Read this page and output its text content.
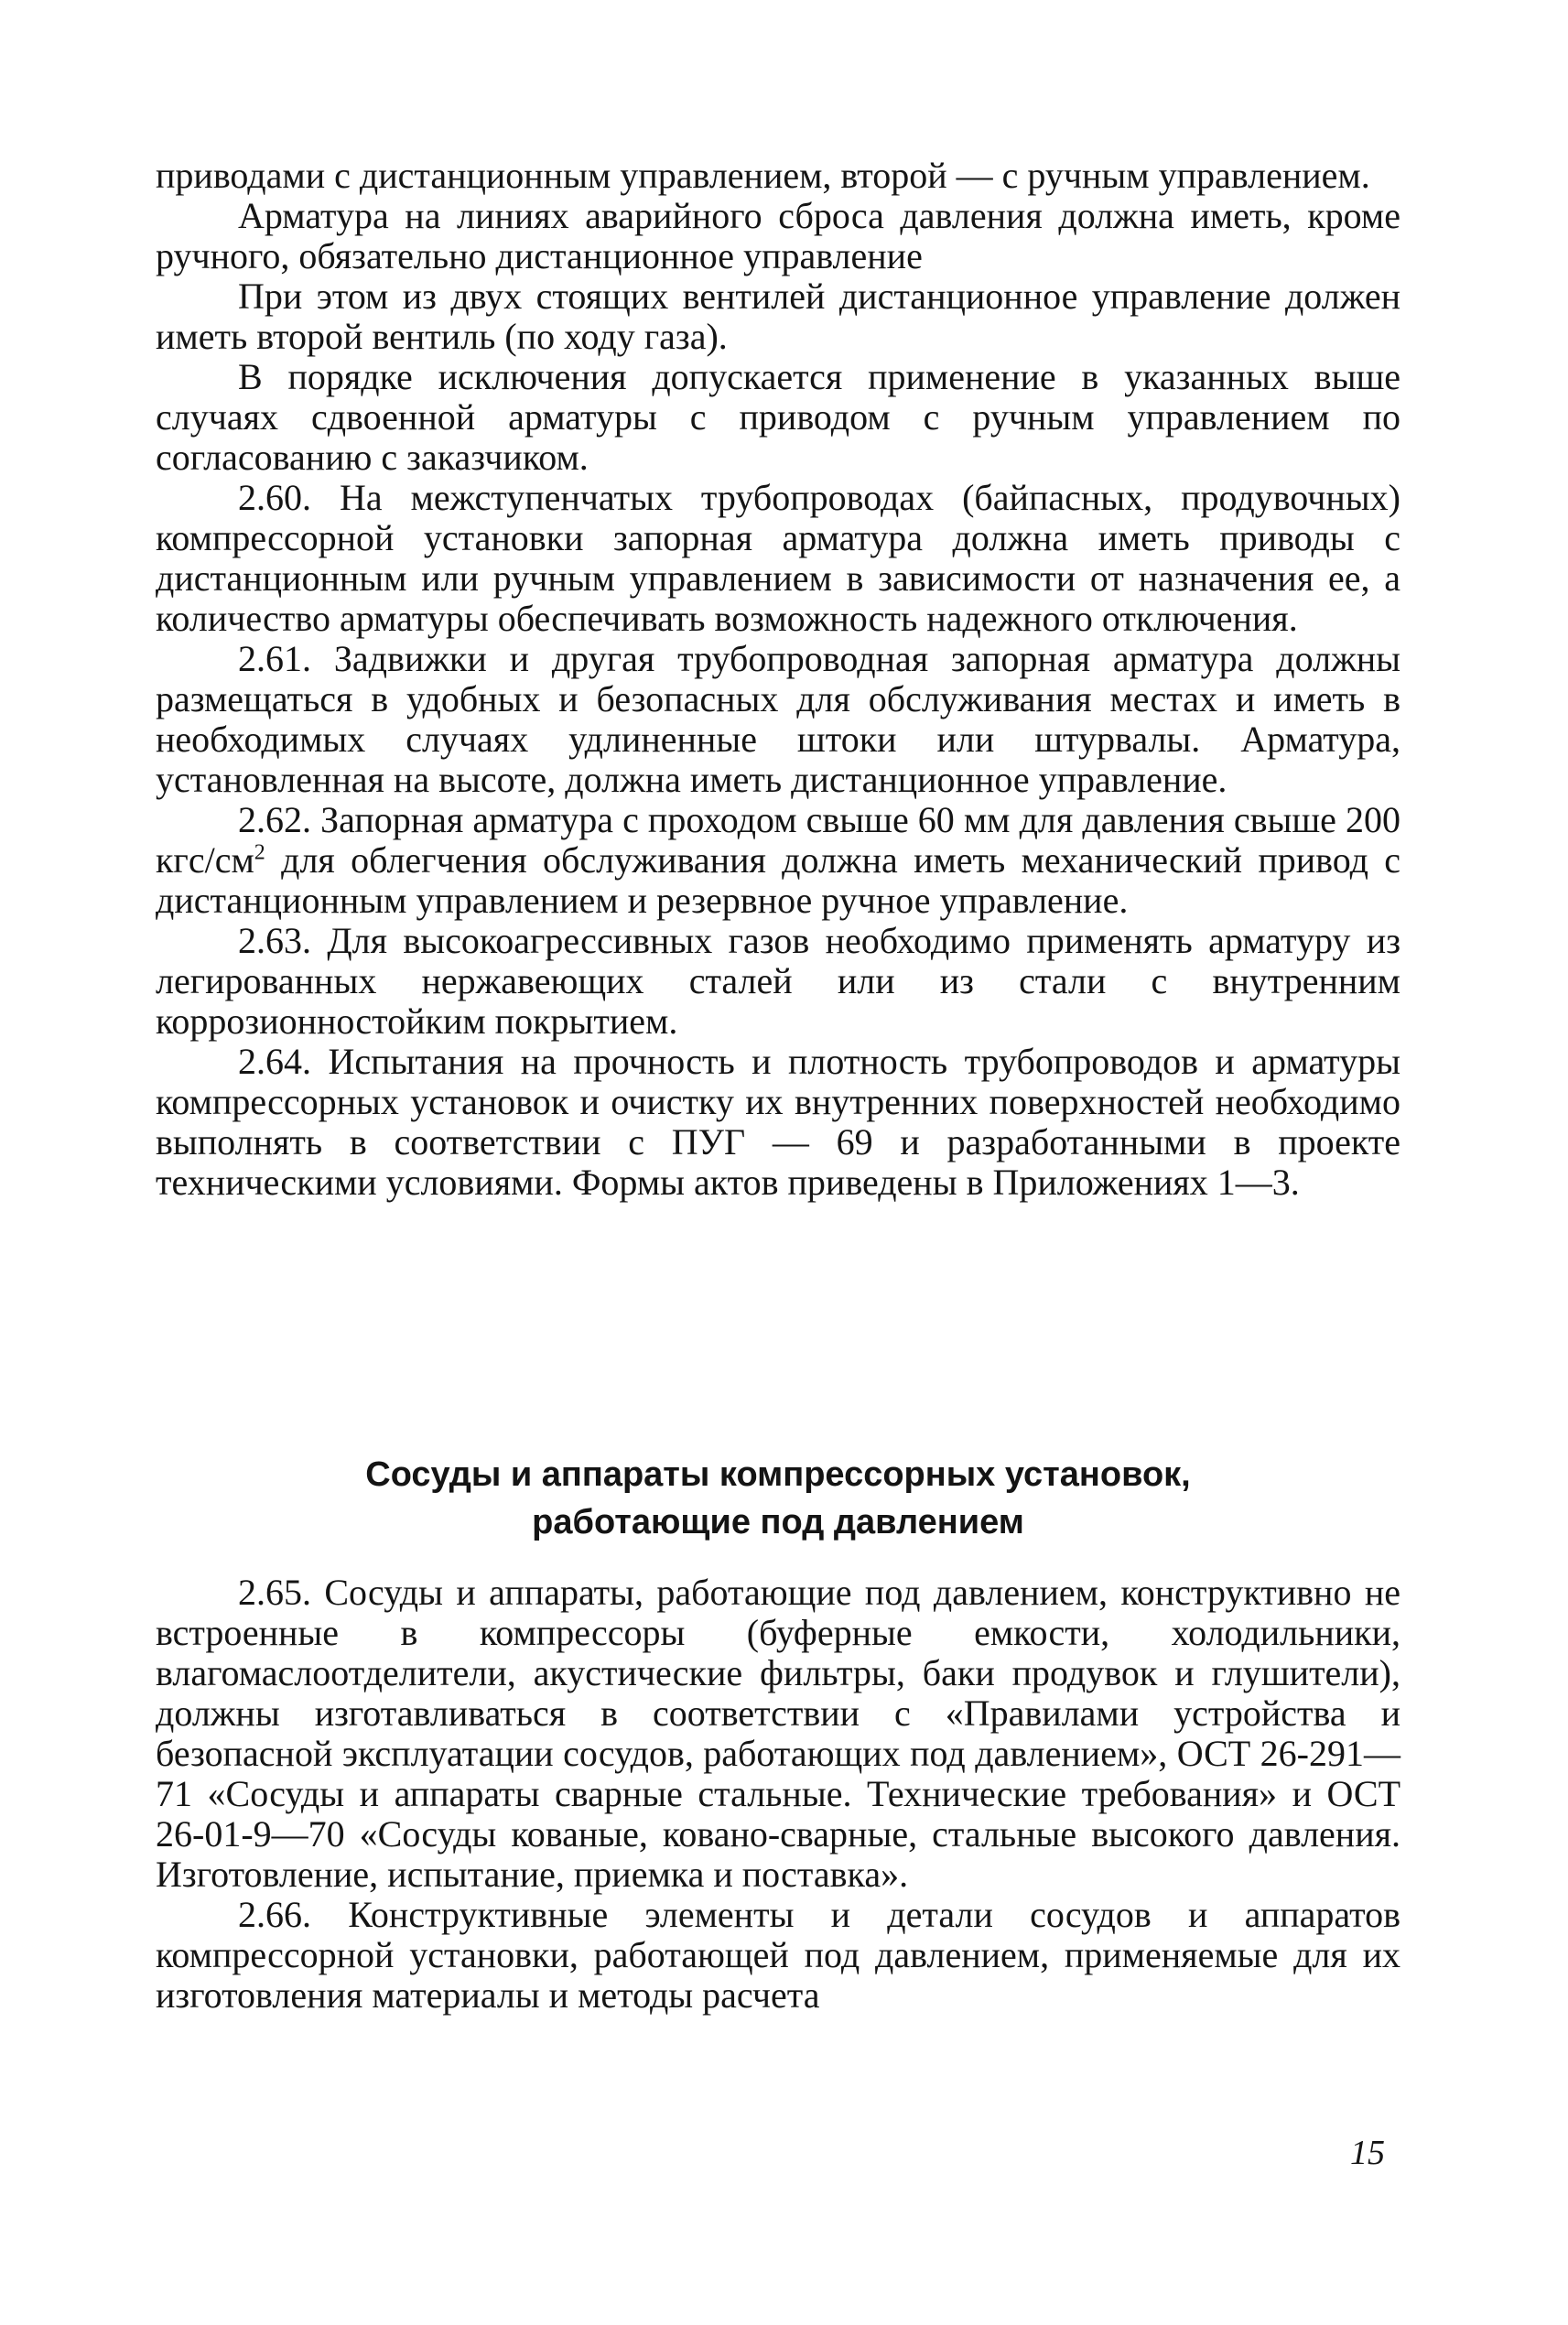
приводами с дистанционным управлением, второй — с ручным управлением.

Арматура на линиях аварийного сброса давления должна иметь, кроме ручного, обязательно дистанционное управление

При этом из двух стоящих вентилей дистанционное управление должен иметь второй вентиль (по ходу газа).

В порядке исключения допускается применение в указанных выше случаях сдвоенной арматуры с приводом с ручным управлением по согласованию с заказчиком.

2.60. На межступенчатых трубопроводах (байпасных, продувочных) компрессорной установки запорная арматура должна иметь приводы с дистанционным или ручным управлением в зависимости от назначения ее, а количество арматуры обеспечивать возможность надежного отключения.

2.61. Задвижки и другая трубопроводная запорная арматура должны размещаться в удобных и безопасных для обслуживания местах и иметь в необходимых случаях удлиненные штоки или штурвалы. Арматура, установленная на высоте, должна иметь дистанционное управление.

2.62. Запорная арматура с проходом свыше 60 мм для давления свыше 200 кгс/$см^2$ для облегчения обслуживания должна иметь механический привод с дистанционным управлением и резервное ручное управление.

2.63. Для высокоагрессивных газов необходимо применять арматуру из легированных нержавеющих сталей или из стали с внутренним коррозионностойким покрытием.

2.64. Испытания на прочность и плотность трубопроводов и арматуры компрессорных установок и очистку их внутренних поверхностей необходимо выполнять в соответствии с ПУГ — 69 и разработанными в проекте техническими условиями. Формы актов приведены в Приложениях 1—3.

Сосуды и аппараты компрессорных установок,
работающие под давлением

2.65. Сосуды и аппараты, работающие под давлением, конструктивно не встроенные в компрессоры (буферные емкости, холодильники, влагомаслоотделители, акустические фильтры, баки продувок и глушители), должны изготавливаться в соответствии с «Правилами устройства и безопасной эксплуатации сосудов, работающих под давлением», ОСТ 26-291—71 «Сосуды и аппараты сварные стальные. Технические требования» и ОСТ 26-01-9—70 «Сосуды кованые, ковано-сварные, стальные высокого давления. Изготовление, испытание, приемка и поставка».

2.66. Конструктивные элементы и детали сосудов и аппаратов компрессорной установки, работающей под давлением, применяемые для их изготовления материалы и методы расчета

15
